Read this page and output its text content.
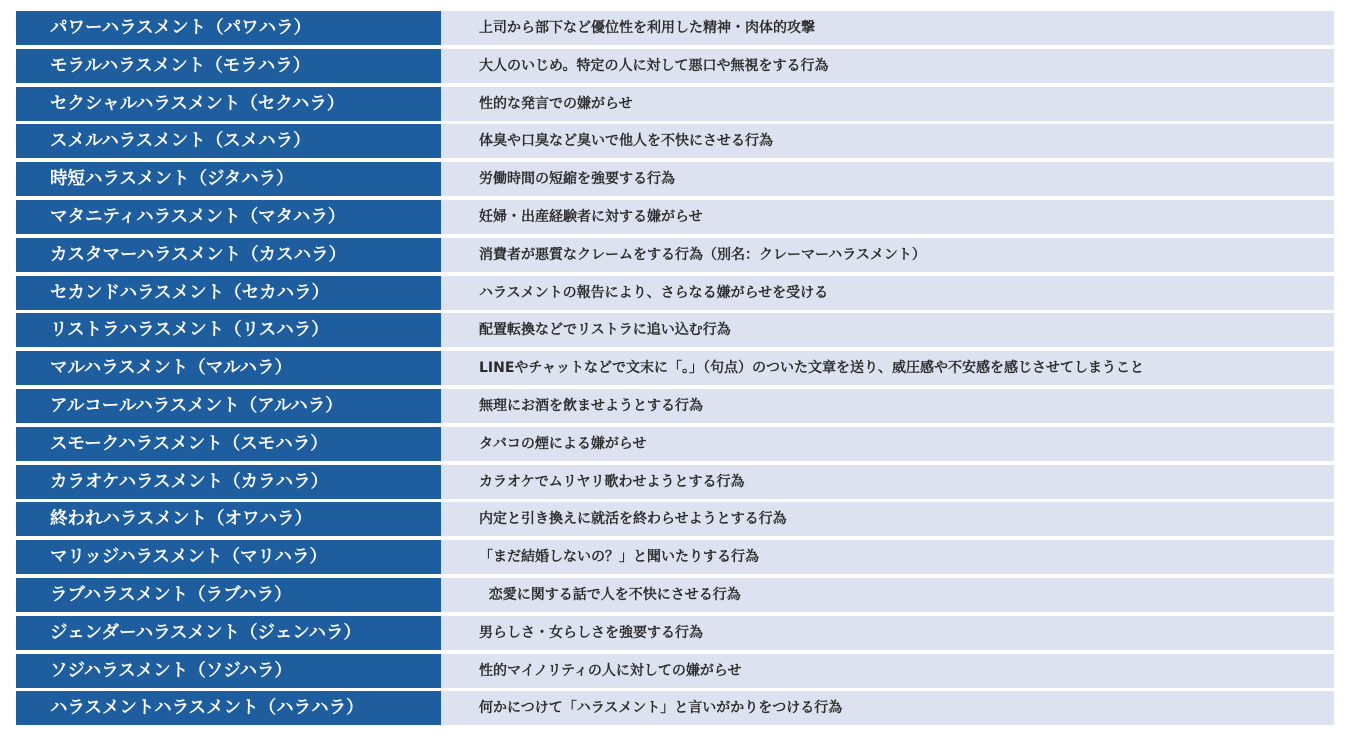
パワーハラスメント（パワハラ）	上司から部下など優位性を利用した精神・肉体的攻撃
モラルハラスメント（モラハラ）	大人のいじめ。特定の人に対して悪口や無視をする行為
セクシャルハラスメント（セクハラ）	性的な発言での嫌がらせ
スメルハラスメント（スメハラ）	体臭や口臭など臭いで他人を不快にさせる行為
時短ハラスメント（ジタハラ）	労働時間の短縮を強要する行為
マタニティハラスメント（マタハラ）	妊婦・出産経験者に対する嫌がらせ
カスタマーハラスメント（カスハラ）	消費者が悪質なクレームをする行為（別名：クレーマーハラスメント）
セカンドハラスメント（セカハラ）	ハラスメントの報告により、さらなる嫌がらせを受ける
リストラハラスメント（リスハラ）	配置転換などでリストラに追い込む行為
マルハラスメント（マルハラ）	LINEやチャットなどで文末に「。」（句点）のついた文章を送り、威圧感や不安感を感じさせてしまうこと
アルコールハラスメント（アルハラ）	無理にお酒を飲ませようとする行為
スモークハラスメント（スモハラ）	タバコの煙による嫌がらせ
カラオケハラスメント（カラハラ）	カラオケでムリヤリ歌わせようとする行為
終われハラスメント（オワハラ）	内定と引き換えに就活を終わらせようとする行為
マリッジハラスメント（マリハラ）	「まだ結婚しないの？」と聞いたりする行為
ラブハラスメント（ラブハラ）	恋愛に関する話で人を不快にさせる行為
ジェンダーハラスメント（ジェンハラ）	男らしさ・女らしさを強要する行為
ソジハラスメント（ソジハラ）	性的マイノリティの人に対しての嫌がらせ
ハラスメントハラスメント（ハラハラ）	何かにつけて「ハラスメント」と言いがかりをつける行為
